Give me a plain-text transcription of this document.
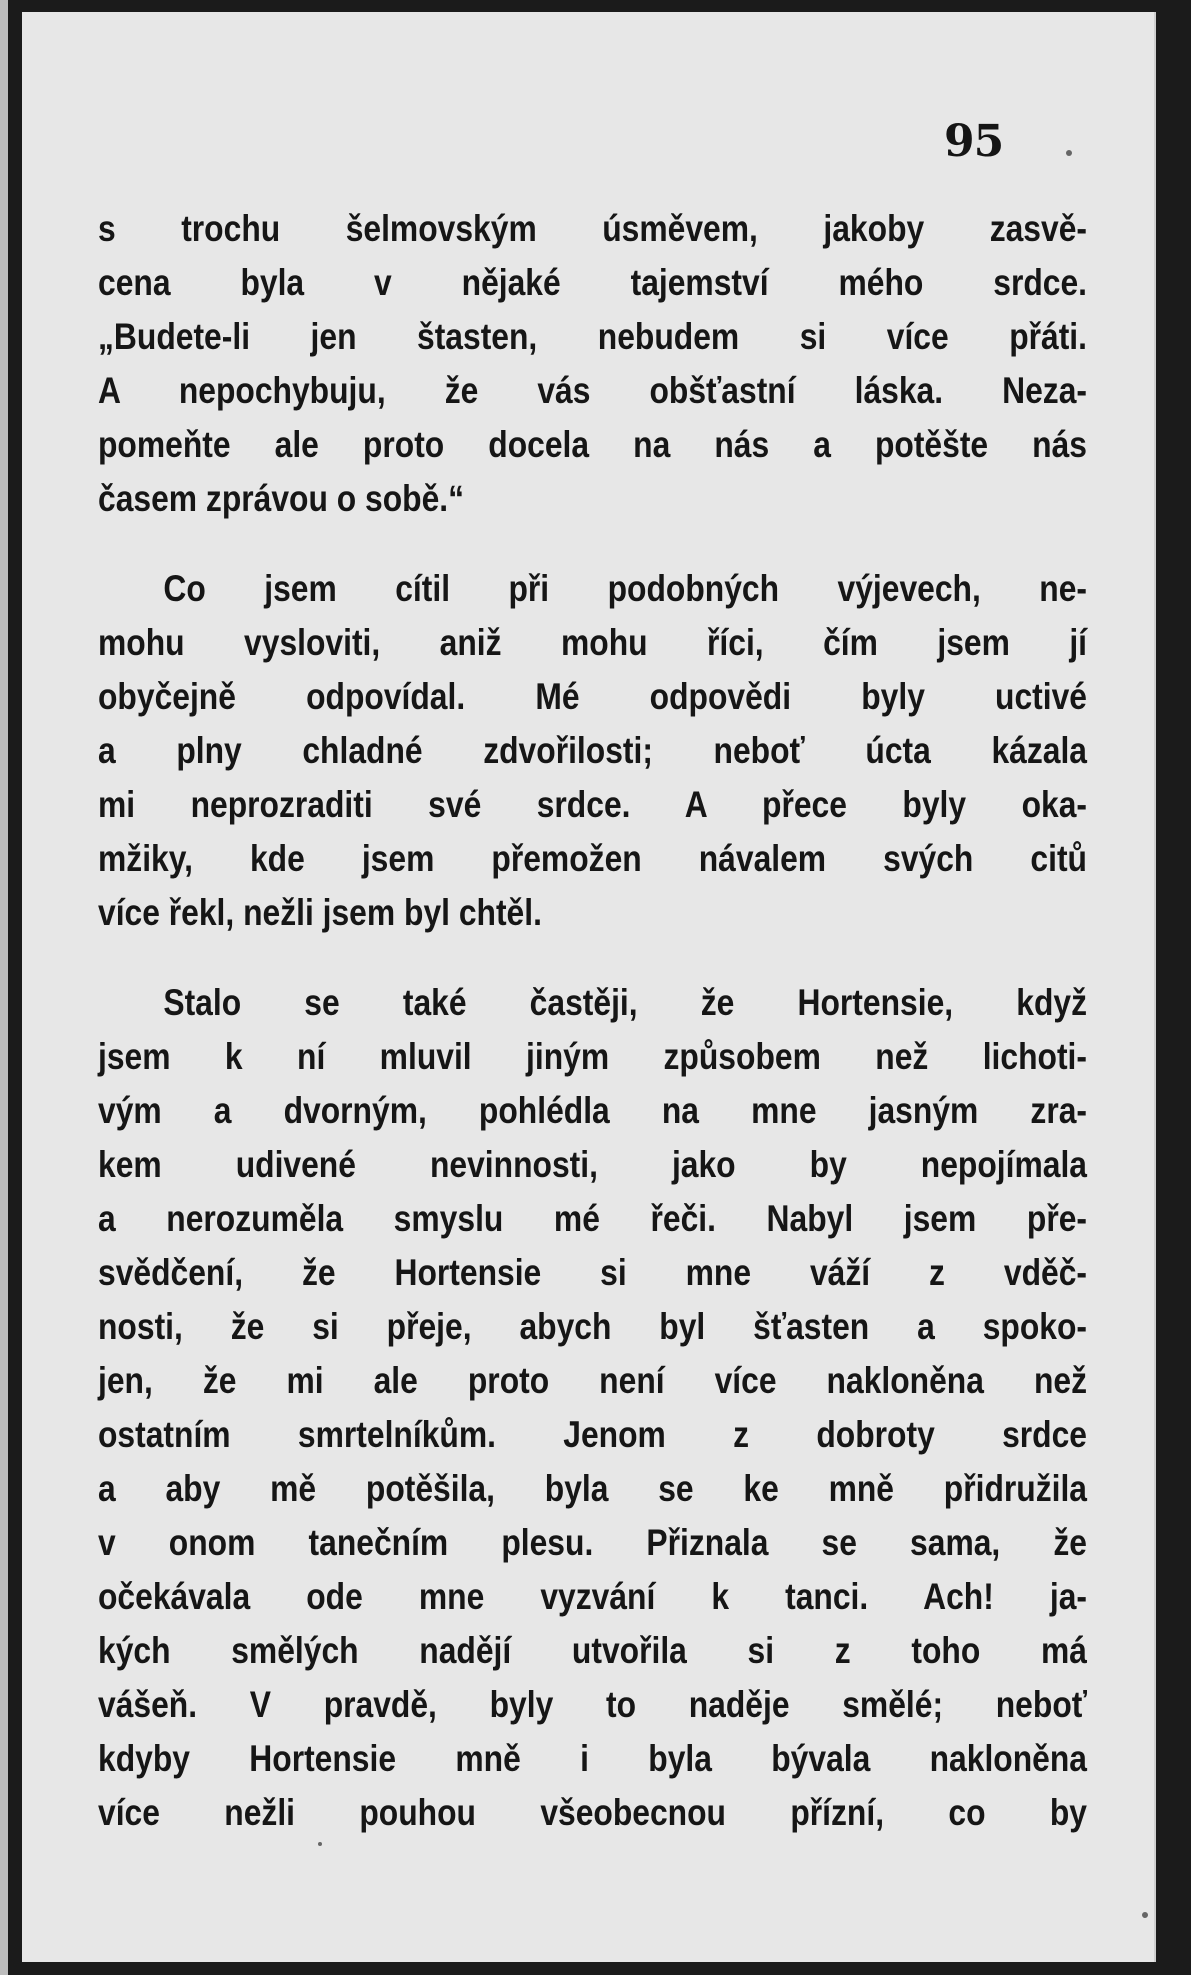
95
s trochu šelmovským úsměvem, jakoby zasvě-
cena byla v nějaké tajemství mého srdce.
„Budete-li jen štasten, nebudem si více přáti.
A nepochybuju, že vás obšťastní láska. Neza-
pomeňte ale proto docela na nás a potěšte nás
časem zprávou o sobě.“
Co jsem cítil při podobných výjevech, ne-
mohu vysloviti, aniž mohu říci, čím jsem jí
obyčejně odpovídal. Mé odpovědi byly uctivé
a plny chladné zdvořilosti; neboť úcta kázala
mi neprozraditi své srdce. A přece byly oka-
mžiky, kde jsem přemožen návalem svých citů
více řekl, nežli jsem byl chtěl.
Stalo se také častěji, že Hortensie, když
jsem k ní mluvil jiným způsobem než lichoti-
vým a dvorným, pohlédla na mne jasným zra-
kem udivené nevinnosti, jako by nepojímala
a nerozuměla smyslu mé řeči. Nabyl jsem pře-
svědčení, že Hortensie si mne váží z vděč-
nosti, že si přeje, abych byl šťasten a spoko-
jen, že mi ale proto není více nakloněna než
ostatním smrtelníkům. Jenom z dobroty srdce
a aby mě potěšila, byla se ke mně přidružila
v onom tanečním plesu. Přiznala se sama, že
očekávala ode mne vyzvání k tanci. Ach! ja-
kých smělých nadějí utvořila si z toho má
vášeň. V pravdě, byly to naděje smělé; neboť
kdyby Hortensie mně i byla bývala nakloněna
více nežli pouhou všeobecnou přízní, co by
